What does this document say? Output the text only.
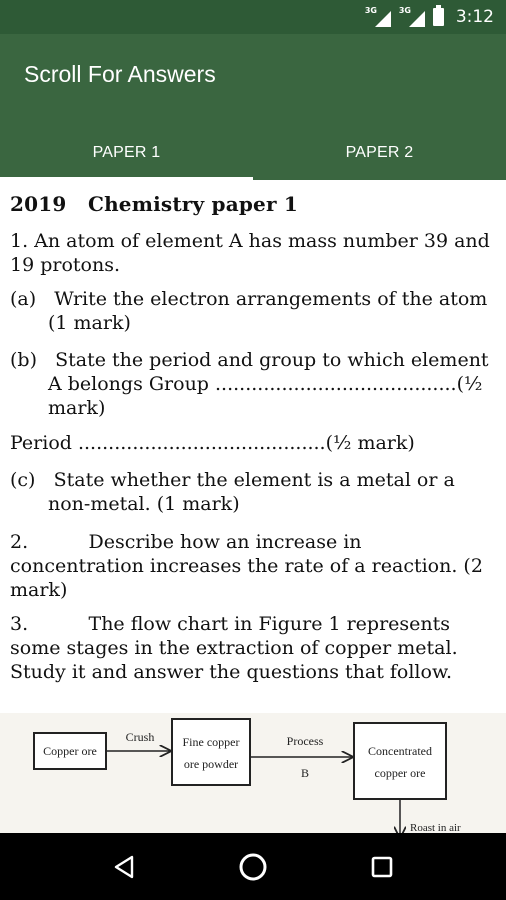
3G	3G	3:12
Scroll For Answers
PAPER 1	PAPER 2
2019   Chemistry paper 1
1. An atom of element A has mass number 39 and 19 protons.
(a)   Write the electron arrangements of the atom (1 mark)
(b)   State the period and group to which element A belongs Group ........................................(½ mark)
Period .........................................(½ mark)
(c)   State whether the element is a metal or a non-metal. (1 mark)
2.          Describe how an increase in concentration increases the rate of a reaction. (2 mark)
3.          The flow chart in Figure 1 represents some stages in the extraction of copper metal. Study it and answer the questions that follow.
Copper ore
Crush Fine copper
ore powder
Process
B
Concentrated
copper ore
Roast in air
